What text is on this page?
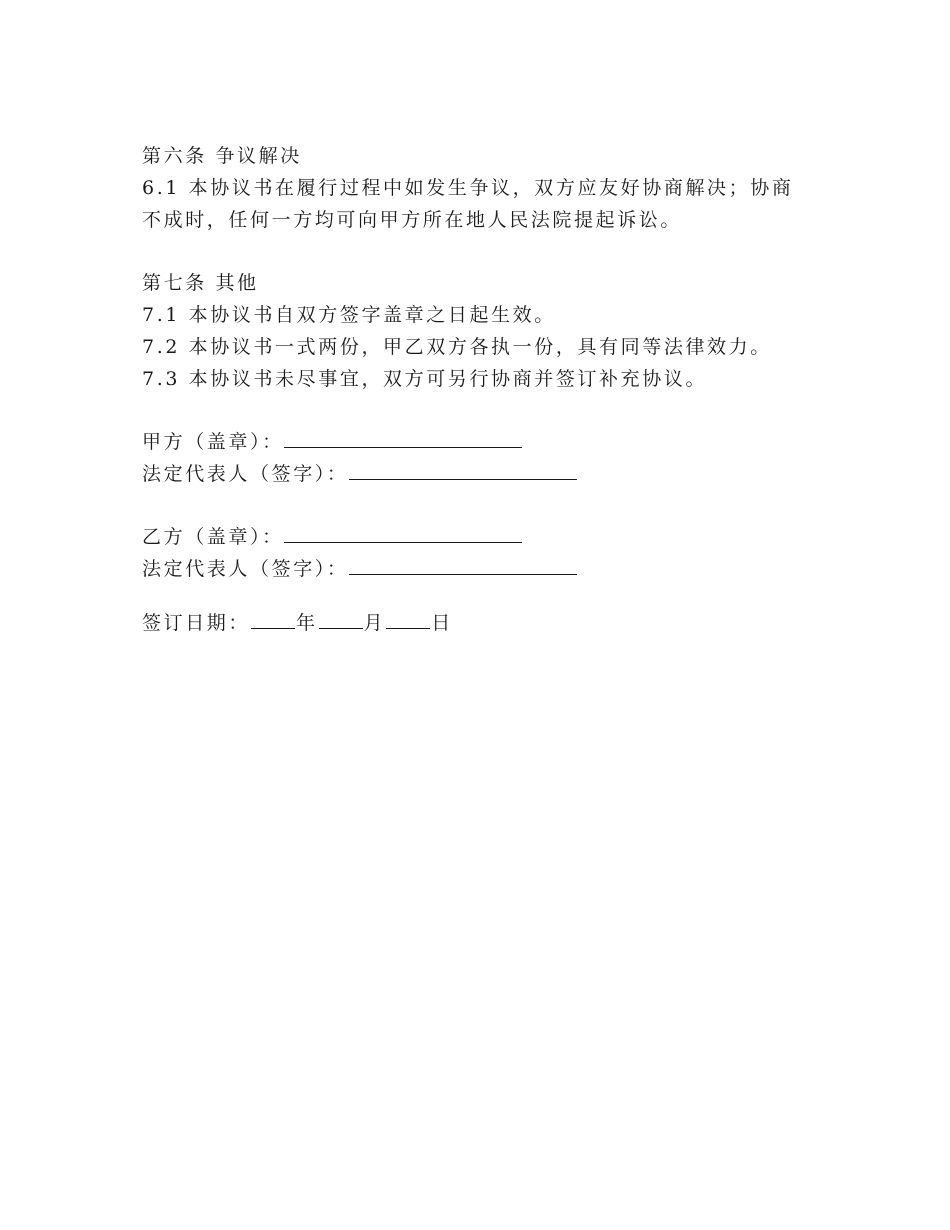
第六条 争议解决
6.1 本协议书在履行过程中如发生争议，双方应友好协商解决；协商
不成时，任何一方均可向甲方所在地人民法院提起诉讼。
第七条 其他
7.1 本协议书自双方签字盖章之日起生效。
7.2 本协议书一式两份，甲乙双方各执一份，具有同等法律效力。
7.3 本协议书未尽事宜，双方可另行协商并签订补充协议。
甲方（盖章）：
法定代表人（签字）：
乙方（盖章）：
法定代表人（签字）：
签订日期： 年 月 日
